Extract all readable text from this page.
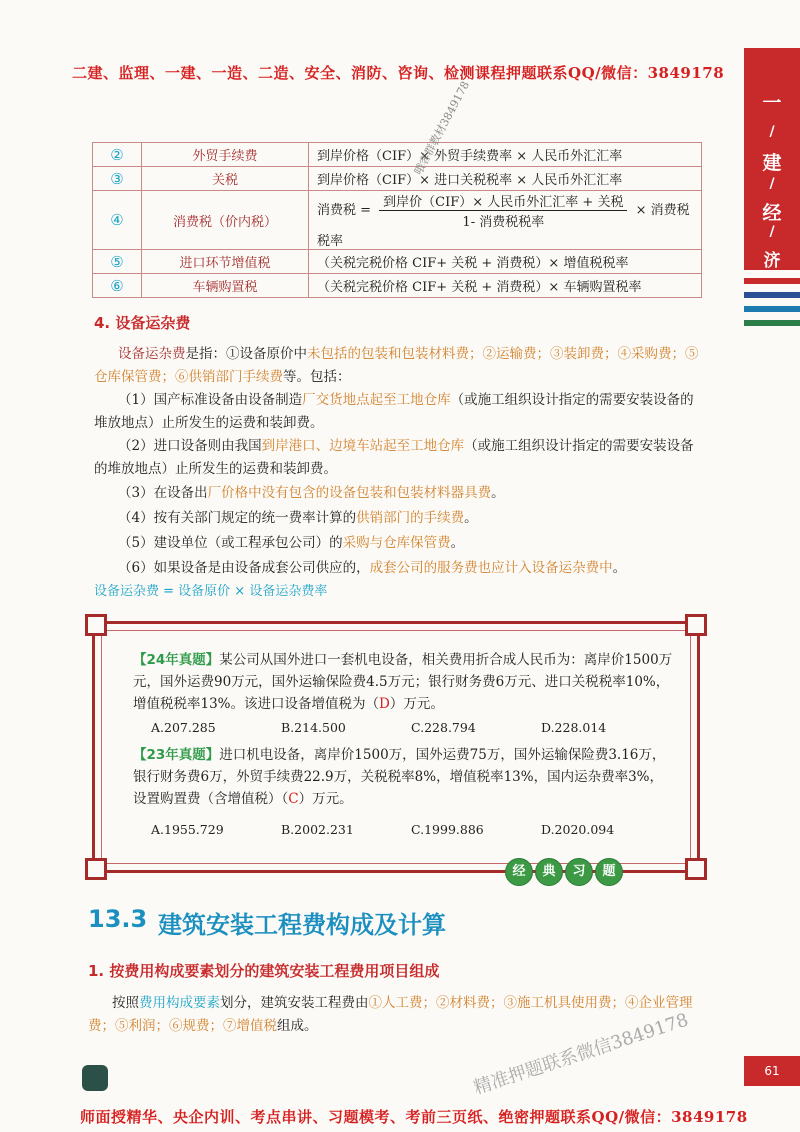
二建、监理、一建、一造、二造、安全、消防、咨询、检测课程押题联系QQ/微信：3849178
一
/
建
/
经
/
济
②	外贸手续费	到岸价格（CIF）× 外贸手续费率 × 人民币外汇汇率
③	关税	到岸价格（CIF）× 进口关税税率 × 人民币外汇汇率
④	消费税（价内税）	消费税 = $\frac{\text{到岸价（CIF）× 人民币外汇汇率 + 关税}}{\text{1- 消费税税率}}$ × 消费税税率
⑤	进口环节增值税	（关税完税价格 CIF+ 关税 + 消费税）× 增值税税率
⑥	车辆购置税	（关税完税价格 CIF+ 关税 + 消费税）× 车辆购置税率
哦客群教材3849178
4. 设备运杂费
设备运杂费是指：①设备原价中未包括的包装和包装材料费；②运输费；③装卸费；④采购费；⑤仓库保管费；⑥供销部门手续费等。包括：
（1）国产标准设备由设备制造厂交货地点起至工地仓库（或施工组织设计指定的需要安装设备的堆放地点）止所发生的运费和装卸费。
（2）进口设备则由我国到岸港口、边境车站起至工地仓库（或施工组织设计指定的需要安装设备的堆放地点）止所发生的运费和装卸费。
（3）在设备出厂价格中没有包含的设备包装和包装材料器具费。
（4）按有关部门规定的统一费率计算的供销部门的手续费。
（5）建设单位（或工程承包公司）的采购与仓库保管费。
（6）如果设备是由设备成套公司供应的，成套公司的服务费也应计入设备运杂费中。
设备运杂费 = 设备原价 × 设备运杂费率
【24年真题】某公司从国外进口一套机电设备，相关费用折合成人民币为：离岸价1500万元，国外运费90万元，国外运输保险费4.5万元；银行财务费6万元、进口关税税率10%，增值税税率13%。该进口设备增值税为（D）万元。
A.207.285	B.214.500	C.228.794	D.228.014
【23年真题】进口机电设备，离岸价1500万，国外运费75万，国外运输保险费3.16万，银行财务费6万，外贸手续费22.9万，关税税率8%，增值税率13%，国内运杂费率3%，设置购置费（含增值税）（C）万元。
A.1955.729	B.2002.231	C.1999.886	D.2020.094
经	典	习	题
13.3 建筑安装工程费构成及计算
1. 按费用构成要素划分的建筑安装工程费用项目组成
按照费用构成要素划分，建筑安装工程费由①人工费；②材料费；③施工机具使用费；④企业管理费；⑤利润；⑥规费；⑦增值税组成。	精准押题联系微信3849178	61
师面授精华、央企内训、考点串讲、习题模考、考前三页纸、绝密押题联系QQ/微信：3849178
